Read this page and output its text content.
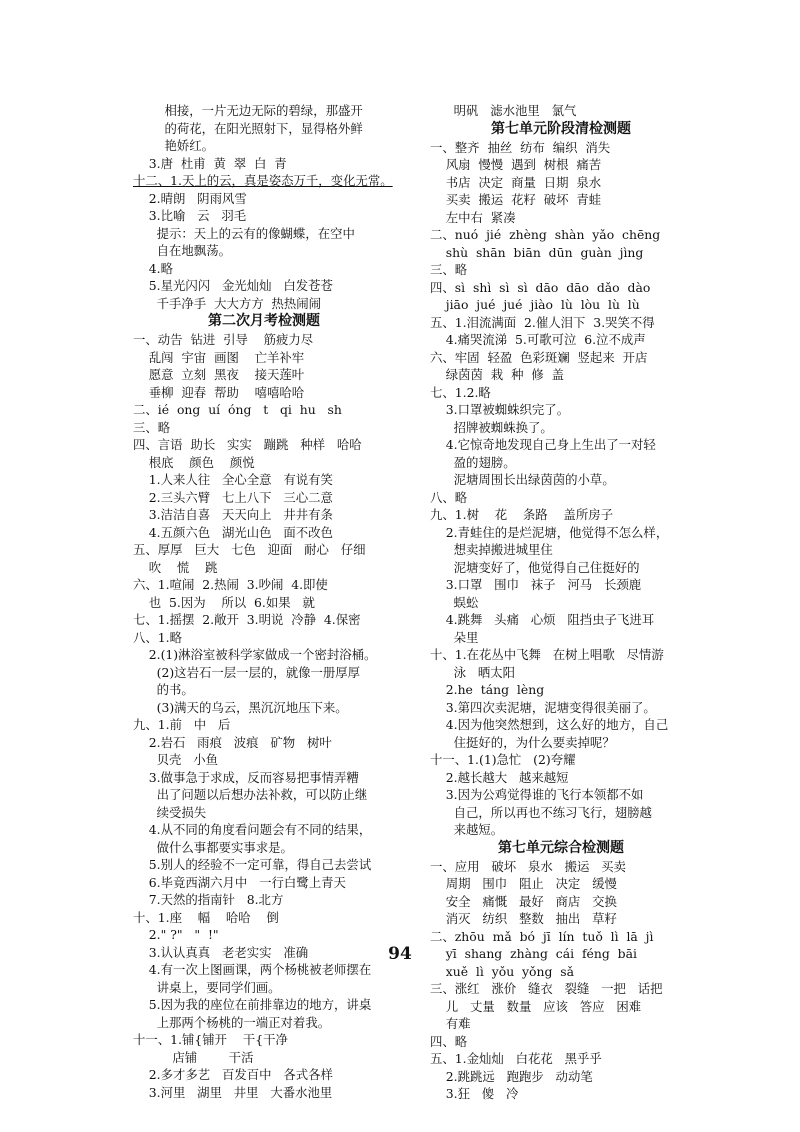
相接，一片无边无际的碧绿，那盛开
的荷花，在阳光照射下，显得格外鲜
艳娇红。
3.唐  杜甫  黄  翠  白  青
十二、1.天上的云，真是姿态万千，变化无常。
2.晴朗   阴雨风雪
3.比喻   云   羽毛
提示：天上的云有的像蝴蝶，在空中
自在地飘荡。
4.略
5.星光闪闪   金光灿灿   白发苍苍
千手净手  大大方方  热热闹闹
第二次月考检测题
一、动告  钻进  引导    筋疲力尽
乱闯  宇宙  画图    亡羊补牢
愿意  立刻  黑夜    接天莲叶
垂柳  迎春  帮助    嘻嘻哈哈
二、ié  ong  uí  óng   t   qi  hu   sh
三、略
四、言语  助长   实实   蹦跳   种样   哈哈
根底    颜色    颜悦
1.人来人往   全心全意   有说有笑
2.三头六臂   七上八下   三心二意
3.洁洁自喜   天天向上   井井有条
4.五颜六色   湖光山色   面不改色
五、厚厚   巨大   七色   迎面   耐心   仔细
吹    慌    跳
六、1.喧闹  2.热闹  3.吵闹  4.即使
也  5.因为    所以  6.如果   就
七、1.摇摆  2.敞开  3.明说  冷静  4.保密
八、1.略
2.(1)淋浴室被科学家做成一个密封浴桶。
(2)这岩石一层一层的，就像一册厚厚
的书。
(3)满天的乌云，黑沉沉地压下来。
九、1.前   中   后
2.岩石   雨痕   波痕   矿物   树叶
贝壳   小鱼
3.做事急于求成，反而容易把事情弄糟
出了问题以后想办法补救，可以防止继
续受损失
4.从不同的角度看问题会有不同的结果，
做什么事都要实事求是。
5.别人的经验不一定可靠，得自己去尝试
6.毕竟西湖六月中   一行白鹭上青天
7.天然的指南针   8.北方
十、1.座    幅    哈哈    倒
2." ?"   "  !"
3.认认真真   老老实实   准确
4.有一次上图画课，两个杨桃被老师摆在
讲桌上，要同学们画。
5.因为我的座位在前排靠边的地方，讲桌
上那两个杨桃的一端正对着我。
十一、1.铺{铺开    干{干净
店铺        干活
2.多才多艺   百发百中   各式各样
3.河里   湖里   井里   大番水池里
明矾   滤水池里   氯气
第七单元阶段清检测题
一、整齐  抽丝  纺布  编织  消失
风扇  慢慢  遇到  树根  痛苦
书店  决定  商量  日期  泉水
买卖  搬运  花籽  破坏  青蛙
左中右  紧凑
二、nuó  jié  zhèng  shàn  yǎo  chēng
shù  shān  biān  dūn  guàn  jìng
三、略
四、sì  shì  sì  sì  dāo  dāo  dǎo  dào
jiāo  jué  jué  jiào  lù  lòu  lù  lù
五、1.泪流满面  2.催人泪下  3.哭笑不得
4.痛哭流涕  5.可歌可泣  6.泣不成声
六、牢固  轻盈  色彩斑斓  竖起来  开店
绿茵茵  栽  种  修  盖
七、1.2.略
3.口罩被蜘蛛织完了。
招牌被蜘蛛换了。
4.它惊奇地发现自己身上生出了一对轻
盈的翅膀。
泥塘周围长出绿茵茵的小草。
八、略
九、1.树    花    条路    盖所房子
2.青蛙住的是烂泥塘，他觉得不怎么样，
想卖掉搬进城里住
泥塘变好了，他觉得自己住挺好的
3.口罩   围巾   袜子   河马   长颈鹿
蜈蚣
4.跳舞   头痛   心烦   阻挡虫子飞进耳
朵里
十、1.在花丛中飞舞   在树上唱歌   尽情游
泳   晒太阳
2.he  táng  lèng
3.第四次卖泥塘，泥塘变得很美丽了。
4.因为他突然想到，这么好的地方，自己
住挺好的，为什么要卖掉呢？
十一、1.(1)急忙   (2)夸耀
2.越长越大   越来越短
3.因为公鸡觉得谁的飞行本领都不如
自己，所以再也不练习飞行，翅膀越
来越短。
第七单元综合检测题
一、应用   破坏   泉水   搬运   买卖
周期   围巾   阻止   决定   缓慢
安全   痛慨   最好   商店   交换
消灭   纺织   整数   抽出   草籽
二、zhōu  mǎ  bó  jī  lín  tuǒ  lì  lā  jì
yī  shang  zhàng  cái  féng  bāi
xuě  lì  yǒu  yǒng  sǎ
三、涨红   涨价   缝衣   裂缝   一把   话把
儿   丈量   数量   应该   答应   困难
有难
四、略
五、1.金灿灿   白花花   黑乎乎
2.跳跳远   跑跑步   动动笔
3.狂   傻   冷
94
